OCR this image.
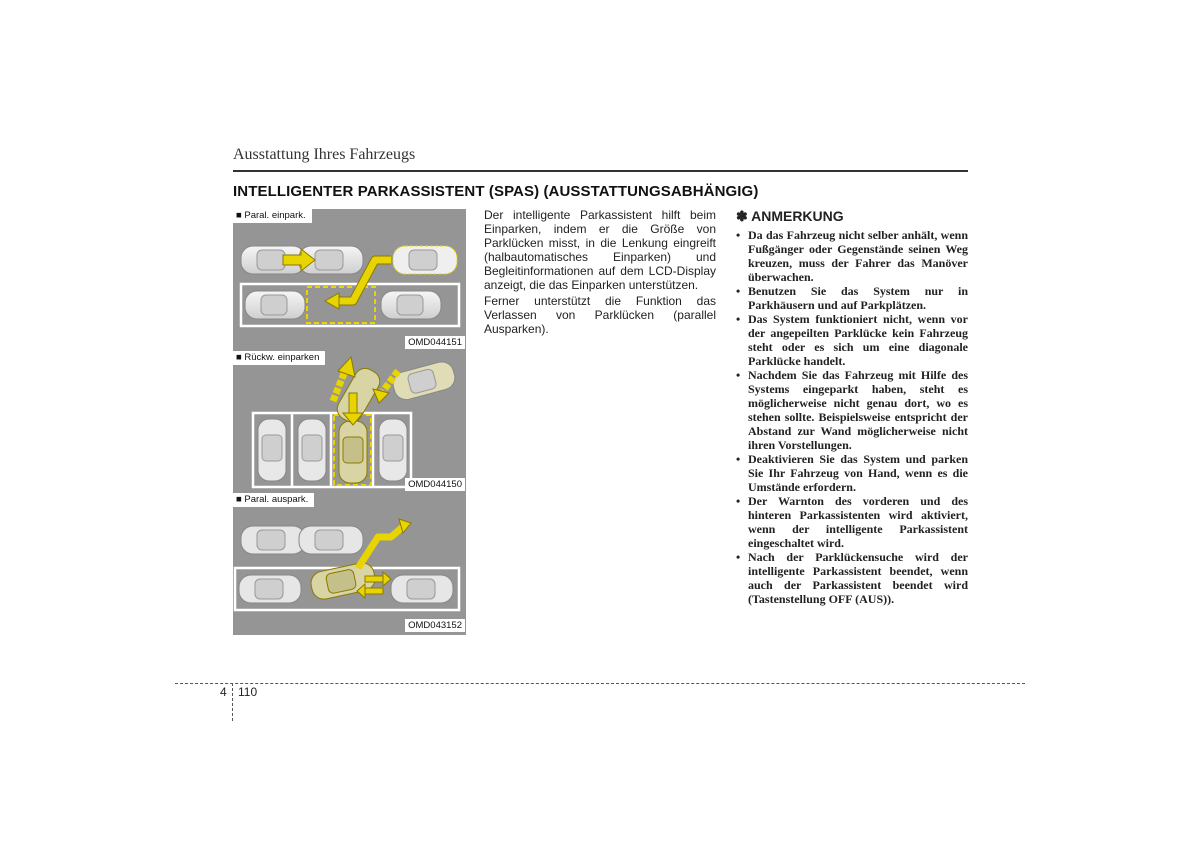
Ausstattung Ihres Fahrzeugs
INTELLIGENTER PARKASSISTENT (SPAS) (AUSSTATTUNGSABHÄNGIG)
■ Paral. einpark.
OMD044151
■ Rückw. einparken
OMD044150
■ Paral. auspark.
OMD043152

Der intelligente Parkassistent hilft beim Einparken, indem er die Größe von Parklücken misst, in die Lenkung eingreift (halbautomatisches Einparken) und Begleitinformationen auf dem LCD-Display anzeigt, die das Einparken unterstützen.

Ferner unterstützt die Funktion das Verlassen von Parklücken (parallel Ausparken).

✽ ANMERKUNG
• Da das Fahrzeug nicht selber anhält, wenn Fußgänger oder Gegenstände seinen Weg kreuzen, muss der Fahrer das Manöver überwachen.
• Benutzen Sie das System nur in Parkhäusern und auf Parkplätzen.
• Das System funktioniert nicht, wenn vor der angepeilten Parklücke kein Fahrzeug steht oder es sich um eine diagonale Parklücke handelt.
• Nachdem Sie das Fahrzeug mit Hilfe des Systems eingeparkt haben, steht es möglicherweise nicht genau dort, wo es stehen sollte. Beispielsweise entspricht der Abstand zur Wand möglicherweise nicht ihren Vorstellungen.
• Deaktivieren Sie das System und parken Sie Ihr Fahrzeug von Hand, wenn es die Umstände erfordern.
• Der Warnton des vorderen und des hinteren Parkassistenten wird aktiviert, wenn der intelligente Parkassistent eingeschaltet wird.
• Nach der Parklückensuche wird der intelligente Parkassistent beendet, wenn auch der Parkassistent beendet wird (Tastenstellung OFF (AUS)).
4 110
